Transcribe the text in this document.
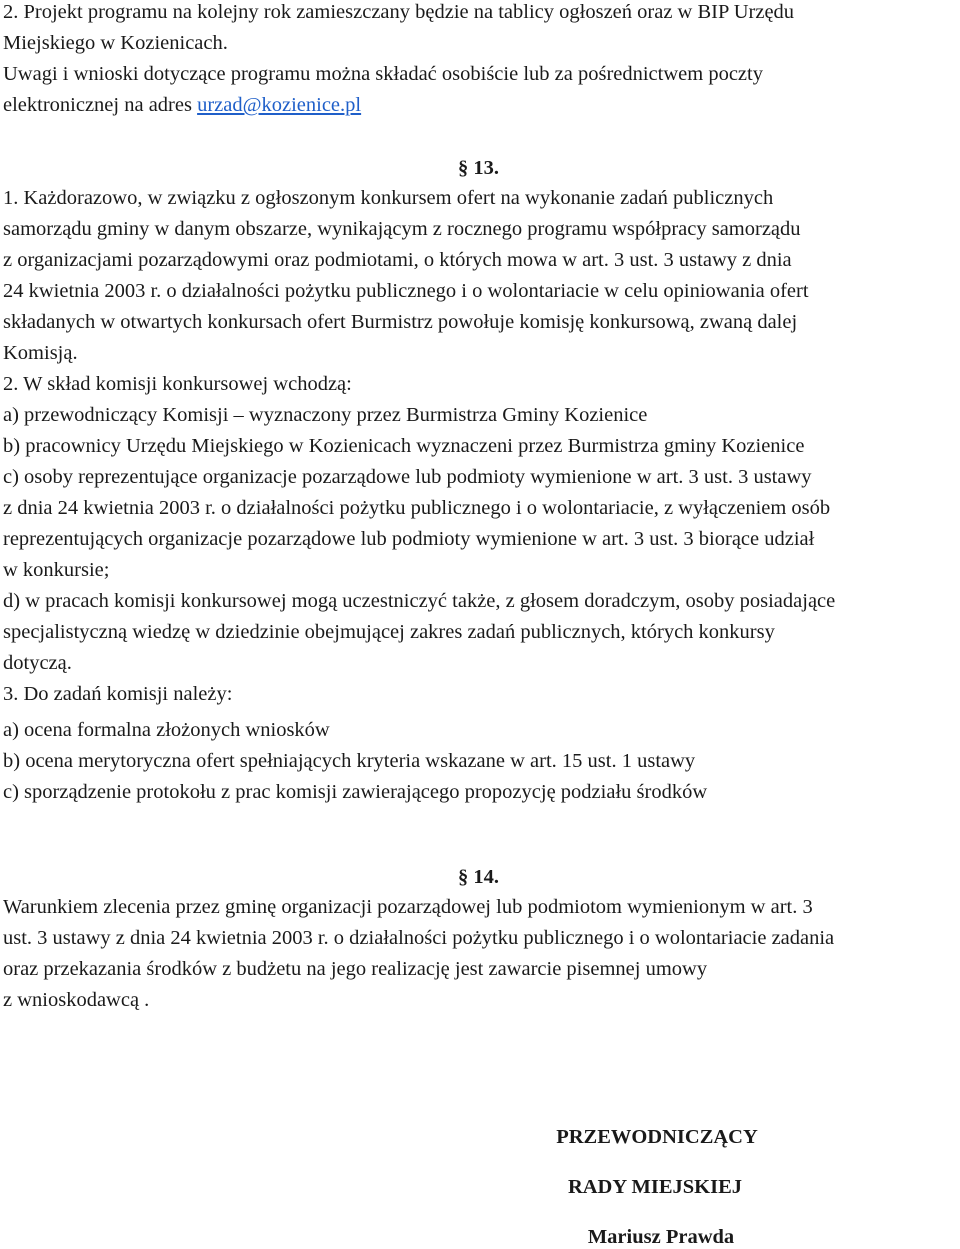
2. Projekt programu na kolejny rok zamieszczany będzie na tablicy ogłoszeń oraz w BIP Urzędu
Miejskiego w Kozienicach.
Uwagi i wnioski dotyczące programu można składać osobiście lub za pośrednictwem poczty
elektronicznej na adres urzad@kozienice.pl
§ 13.
1. Każdorazowo, w związku z ogłoszonym konkursem ofert na wykonanie zadań publicznych
samorządu gminy w danym obszarze, wynikającym z rocznego programu współpracy samorządu
z organizacjami pozarządowymi oraz podmiotami, o których mowa w art. 3 ust. 3 ustawy z dnia
24 kwietnia 2003 r. o działalności pożytku publicznego i o wolontariacie w celu opiniowania ofert
składanych w otwartych konkursach ofert Burmistrz powołuje komisję konkursową, zwaną dalej
Komisją.
2. W skład komisji konkursowej wchodzą:
a) przewodniczący Komisji – wyznaczony przez Burmistrza Gminy Kozienice
b) pracownicy Urzędu Miejskiego w Kozienicach wyznaczeni przez Burmistrza gminy Kozienice
c) osoby reprezentujące organizacje pozarządowe lub podmioty wymienione w art. 3 ust. 3 ustawy
z dnia 24 kwietnia 2003 r. o działalności pożytku publicznego i o wolontariacie, z wyłączeniem osób
reprezentujących organizacje pozarządowe lub podmioty wymienione w art. 3 ust. 3 biorące udział
w konkursie;
d) w pracach komisji konkursowej mogą uczestniczyć także, z głosem doradczym, osoby posiadające
specjalistyczną wiedzę w dziedzinie obejmującej zakres zadań publicznych, których konkursy
dotyczą.
3. Do zadań komisji należy:
a) ocena formalna złożonych wniosków
b) ocena merytoryczna ofert spełniających kryteria wskazane w art. 15 ust. 1 ustawy
c) sporządzenie protokołu z prac komisji zawierającego propozycję podziału środków
§ 14.
Warunkiem zlecenia przez gminę organizacji pozarządowej lub podmiotom wymienionym w art. 3
ust. 3 ustawy z dnia 24 kwietnia 2003 r. o działalności pożytku publicznego i o wolontariacie zadania
oraz przekazania środków z budżetu na jego realizację jest zawarcie pisemnej umowy
z wnioskodawcą .
PRZEWODNICZĄCY
RADY MIEJSKIEJ
Mariusz Prawda
